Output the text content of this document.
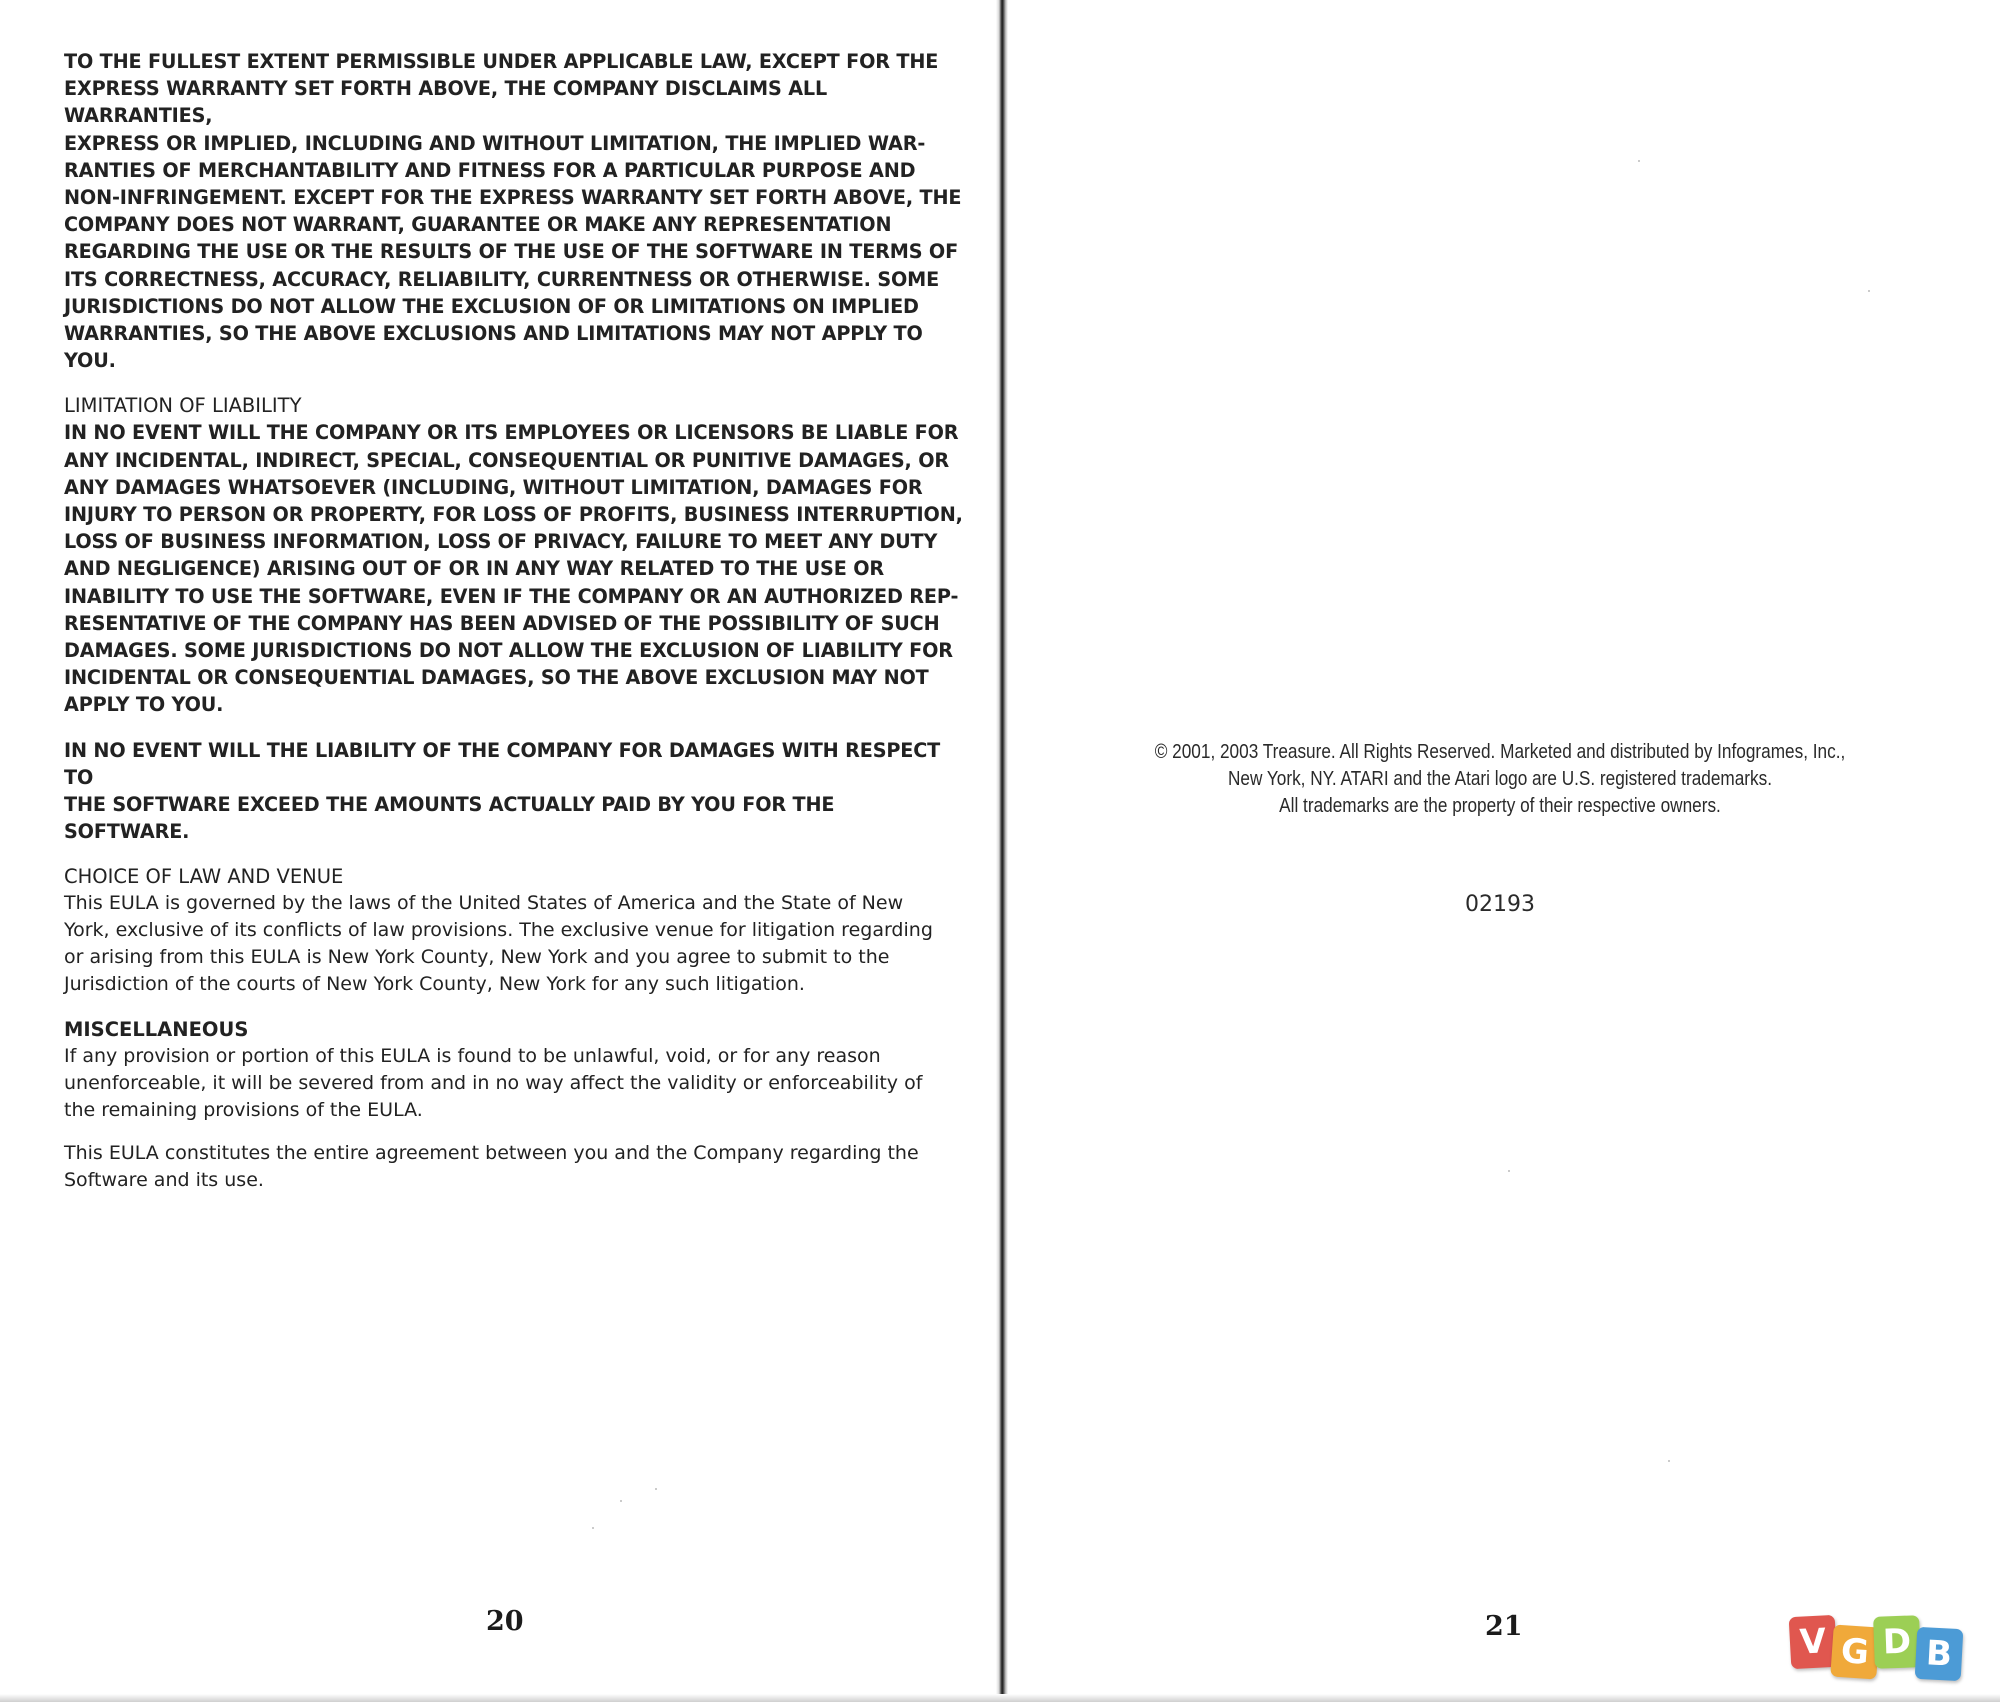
TO THE FULLEST EXTENT PERMISSIBLE UNDER APPLICABLE LAW, EXCEPT FOR THE
EXPRESS WARRANTY SET FORTH ABOVE, THE COMPANY DISCLAIMS ALL WARRANTIES,
EXPRESS OR IMPLIED, INCLUDING AND WITHOUT LIMITATION, THE IMPLIED WAR-
RANTIES OF MERCHANTABILITY AND FITNESS FOR A PARTICULAR PURPOSE AND
NON-INFRINGEMENT. EXCEPT FOR THE EXPRESS WARRANTY SET FORTH ABOVE, THE
COMPANY DOES NOT WARRANT, GUARANTEE OR MAKE ANY REPRESENTATION
REGARDING THE USE OR THE RESULTS OF THE USE OF THE SOFTWARE IN TERMS OF
ITS CORRECTNESS, ACCURACY, RELIABILITY, CURRENTNESS OR OTHERWISE. SOME
JURISDICTIONS DO NOT ALLOW THE EXCLUSION OF OR LIMITATIONS ON IMPLIED
WARRANTIES, SO THE ABOVE EXCLUSIONS AND LIMITATIONS MAY NOT APPLY TO YOU.

LIMITATION OF LIABILITY

IN NO EVENT WILL THE COMPANY OR ITS EMPLOYEES OR LICENSORS BE LIABLE FOR
ANY INCIDENTAL, INDIRECT, SPECIAL, CONSEQUENTIAL OR PUNITIVE DAMAGES, OR
ANY DAMAGES WHATSOEVER (INCLUDING, WITHOUT LIMITATION, DAMAGES FOR
INJURY TO PERSON OR PROPERTY, FOR LOSS OF PROFITS, BUSINESS INTERRUPTION,
LOSS OF BUSINESS INFORMATION, LOSS OF PRIVACY, FAILURE TO MEET ANY DUTY
AND NEGLIGENCE) ARISING OUT OF OR IN ANY WAY RELATED TO THE USE OR
INABILITY TO USE THE SOFTWARE, EVEN IF THE COMPANY OR AN AUTHORIZED REP-
RESENTATIVE OF THE COMPANY HAS BEEN ADVISED OF THE POSSIBILITY OF SUCH
DAMAGES. SOME JURISDICTIONS DO NOT ALLOW THE EXCLUSION OF LIABILITY FOR
INCIDENTAL OR CONSEQUENTIAL DAMAGES, SO THE ABOVE EXCLUSION MAY NOT
APPLY TO YOU.

IN NO EVENT WILL THE LIABILITY OF THE COMPANY FOR DAMAGES WITH RESPECT TO
THE SOFTWARE EXCEED THE AMOUNTS ACTUALLY PAID BY YOU FOR THE SOFTWARE.

CHOICE OF LAW AND VENUE

This EULA is governed by the laws of the United States of America and the State of New
York, exclusive of its conflicts of law provisions. The exclusive venue for litigation regarding
or arising from this EULA is New York County, New York and you agree to submit to the
Jurisdiction of the courts of New York County, New York for any such litigation.

MISCELLANEOUS

If any provision or portion of this EULA is found to be unlawful, void, or for any reason
unenforceable, it will be severed from and in no way affect the validity or enforceability of
the remaining provisions of the EULA.

This EULA constitutes the entire agreement between you and the Company regarding the
Software and its use.

20
© 2001, 2003 Treasure. All Rights Reserved. Marketed and distributed by Infogrames, Inc.,
New York, NY. ATARI and the Atari logo are U.S. registered trademarks.
All trademarks are the property of their respective owners.
02193
21	V G D B
